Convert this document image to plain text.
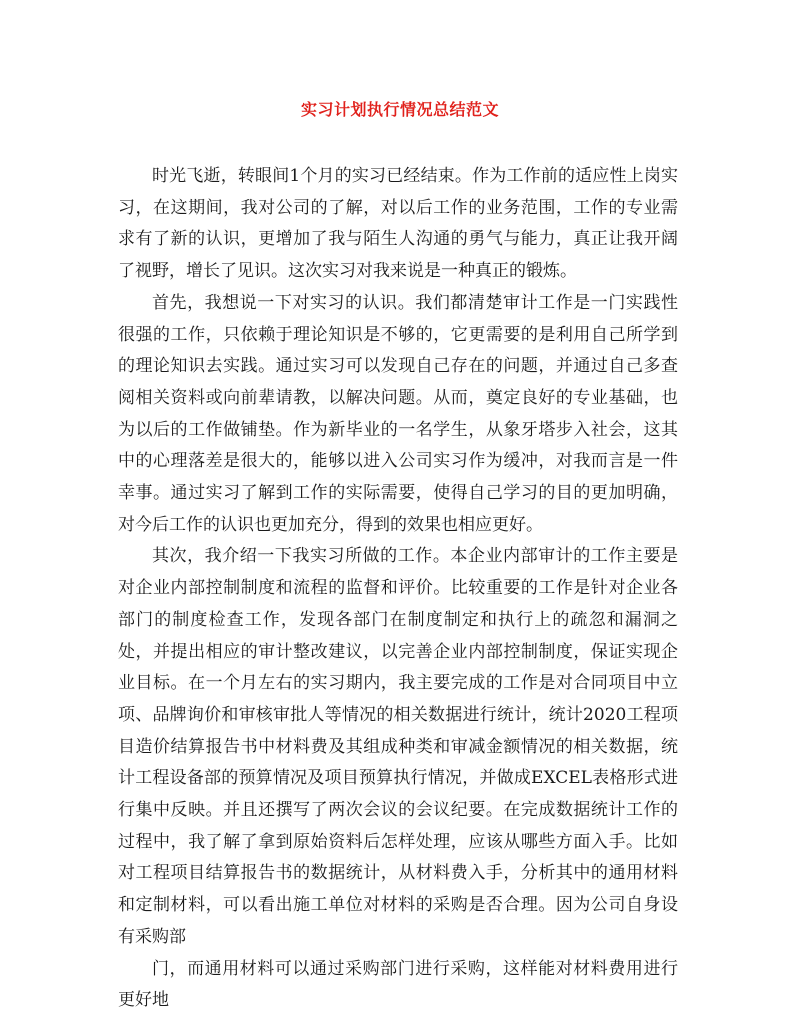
实习计划执行情况总结范文

时光飞逝，转眼间1个月的实习已经结束。作为工作前的适应性上岗实习，在这期间，我对公司的了解，对以后工作的业务范围，工作的专业需求有了新的认识，更增加了我与陌生人沟通的勇气与能力，真正让我开阔了视野，增长了见识。这次实习对我来说是一种真正的锻炼。

首先，我想说一下对实习的认识。我们都清楚审计工作是一门实践性很强的工作，只依赖于理论知识是不够的，它更需要的是利用自己所学到的理论知识去实践。通过实习可以发现自己存在的问题，并通过自己多查阅相关资料或向前辈请教，以解决问题。从而，奠定良好的专业基础，也为以后的工作做铺垫。作为新毕业的一名学生，从象牙塔步入社会，这其中的心理落差是很大的，能够以进入公司实习作为缓冲，对我而言是一件幸事。通过实习了解到工作的实际需要，使得自己学习的目的更加明确，对今后工作的认识也更加充分，得到的效果也相应更好。

其次，我介绍一下我实习所做的工作。本企业内部审计的工作主要是对企业内部控制制度和流程的监督和评价。比较重要的工作是针对企业各部门的制度检查工作，发现各部门在制度制定和执行上的疏忽和漏洞之处，并提出相应的审计整改建议，以完善企业内部控制制度，保证实现企业目标。在一个月左右的实习期内，我主要完成的工作是对合同项目中立项、品牌询价和审核审批人等情况的相关数据进行统计，统计2020工程项目造价结算报告书中材料费及其组成种类和审减金额情况的相关数据，统计工程设备部的预算情况及项目预算执行情况，并做成EXCEL表格形式进行集中反映。并且还撰写了两次会议的会议纪要。在完成数据统计工作的过程中，我了解了拿到原始资料后怎样处理，应该从哪些方面入手。比如对工程项目结算报告书的数据统计，从材料费入手，分析其中的通用材料和定制材料，可以看出施工单位对材料的采购是否合理。因为公司自身设有采购部

门，而通用材料可以通过采购部门进行采购，这样能对材料费用进行更好地
